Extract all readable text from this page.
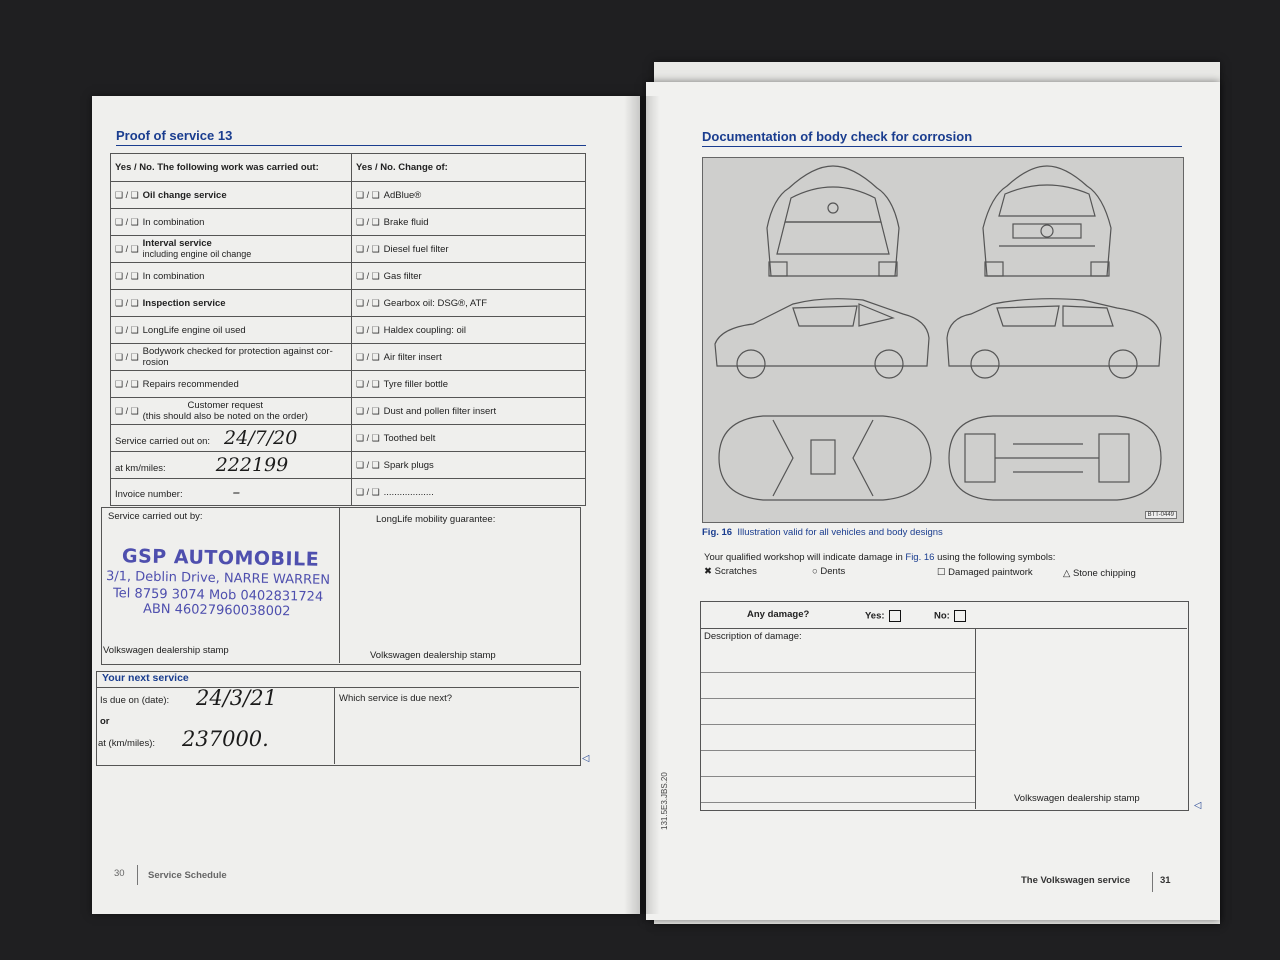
Proof of service 13
Yes / No. The following work was carried out:	Yes / No. Change of:
❑ / ❑ Oil change service	❑ / ❑ AdBlue®
❑ / ❑ In combination	❑ / ❑ Brake fluid
❑ / ❑ Interval service
including engine oil change	❑ / ❑ Diesel fuel filter
❑ / ❑ In combination	❑ / ❑ Gas filter
❑ / ❑ Inspection service	❑ / ❑ Gearbox oil: DSG®, ATF
❑ / ❑ LongLife engine oil used	❑ / ❑ Haldex coupling: oil
❑ / ❑ Bodywork checked for protection against cor-
rosion	❑ / ❑ Air filter insert
❑ / ❑ Repairs recommended	❑ / ❑ Tyre filler bottle
❑ / ❑ Customer request
(this should also be noted on the order)	❑ / ❑ Dust and pollen filter insert
Service carried out on: 24/7/20	❑ / ❑ Toothed belt
at km/miles: 222199	❑ / ❑ Spark plugs
Invoice number: –	❑ / ❑ ...................
Service carried out by:	LongLife mobility guarantee:
GSP AUTOMOBILE
3/1, Deblin Drive, NARRE WARREN
Tel 8759 3074 Mob 0402831724
ABN 46027960038002
Volkswagen dealership stamp	Volkswagen dealership stamp
Your next service
Is due on (date): 24/3/21
or
at (km/miles): 237000.
Which service is due next?
◁
30 Service Schedule
Documentation of body check for corrosion
BTT-0449
Fig. 16 Illustration valid for all vehicles and body designs
Your qualified workshop will indicate damage in Fig. 16 using the following symbols:
✖ Scratches	○ Dents	☐ Damaged paintwork	△ Stone chipping
Any damage?	Yes:	No:
Description of damage:
Volkswagen dealership stamp
◁
131.5E3.JBS.20
The Volkswagen service	31
